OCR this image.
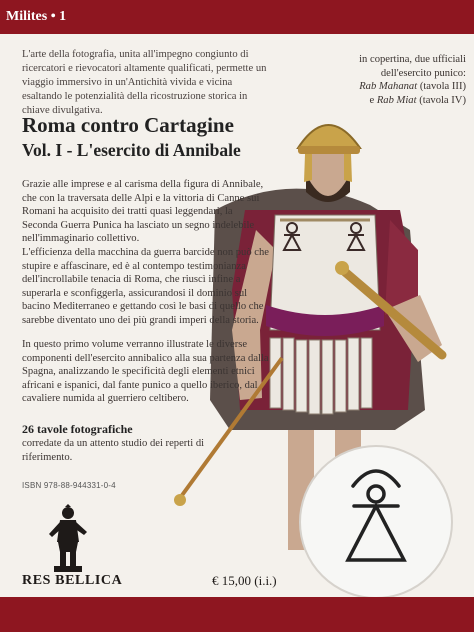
Milites • 1
L'arte della fotografia, unita all'impegno congiunto di ricercatori e rievocatori altamente qualificati, permette un viaggio immersivo in un'Antichità vivida e vicina esaltando le potenzialità della ricostruzione storica in chiave divulgativa.
in copertina, due ufficiali dell'esercito punico:
Rab Mahanat (tavola III)
e Rab Miat (tavola IV)
Roma contro Cartagine
Vol. I - L'esercito di Annibale
Grazie alle imprese e al carisma della figura di Annibale, che con la traversata delle Alpi e la vittoria di Canne sui Romani ha acquisito dei tratti quasi leggendari, la Seconda Guerra Punica ha lasciato un segno indelebile nell'immaginario collettivo.
L'efficienza della macchina da guerra barcide non può che stupire e affascinare, ed è al contempo testimonianza dell'incrollabile tenacia di Roma, che riuscì infine a superarla e sconfiggerla, assicurandosi il dominio sul bacino Mediterraneo e gettando così le basi di quello che sarebbe diventato uno dei più grandi imperi della storia.
In questo primo volume verranno illustrate le diverse componenti dell'esercito annibalico alla sua partenza dalla Spagna, analizzando le specificità degli elementi etnici africani e ispanici, dal fante punico a quello iberico, dal cavaliere numida al guerriero celtibero.
26 tavole fotografiche
corredate da un attento studio dei reperti di riferimento.
ISBN 978-88-944331-0-4
RES BELLICA	€ 15,00 (i.i.)
